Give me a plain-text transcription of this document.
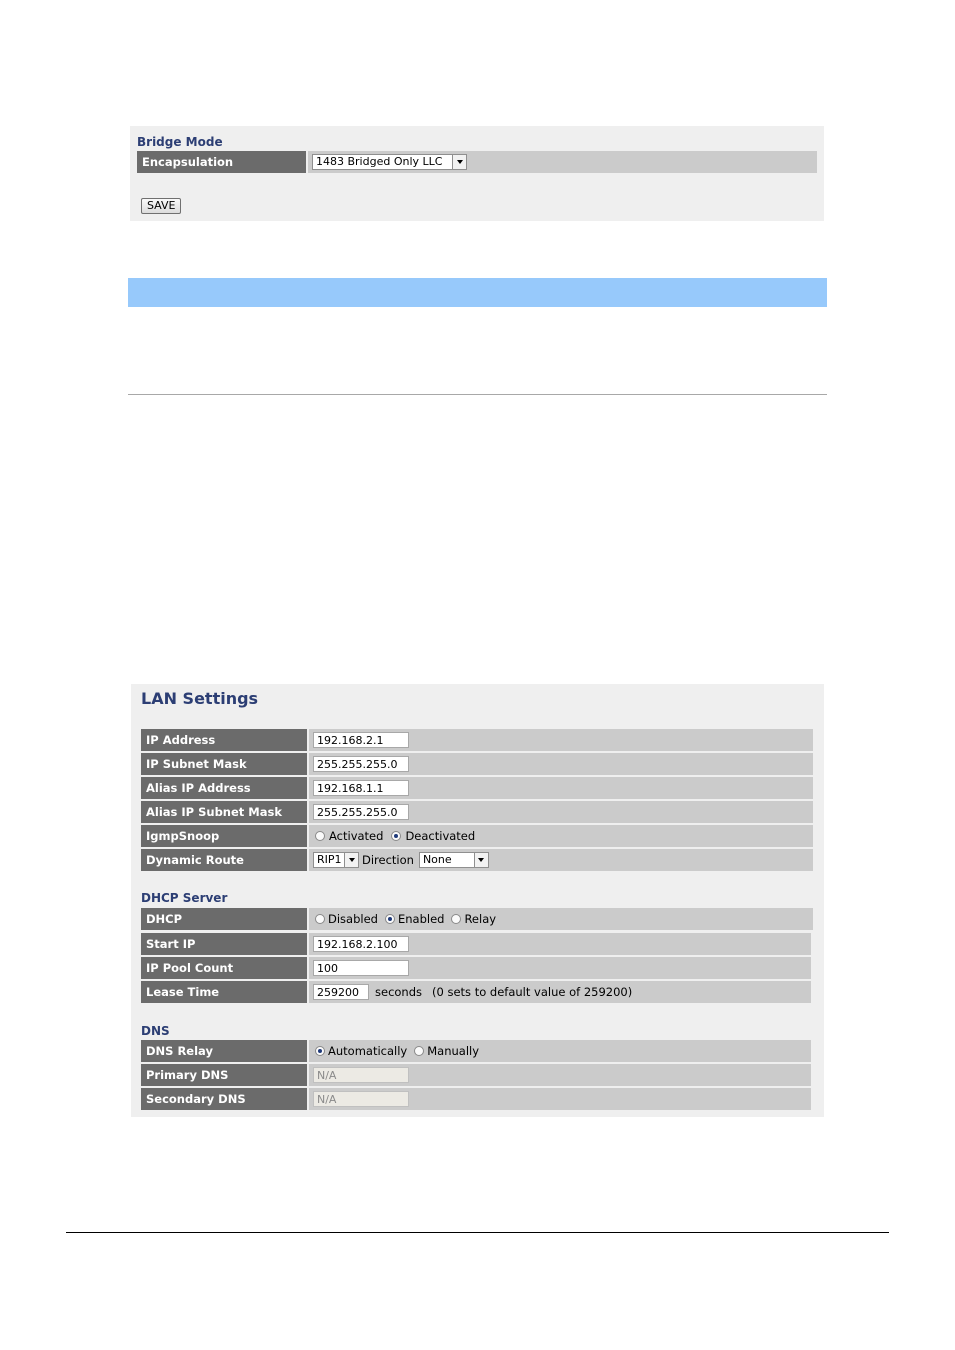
Bridge Mode
Encapsulation	1483 Bridged Only LLC
SAVE
LAN Settings
IP Address	192.168.2.1
IP Subnet Mask	255.255.255.0
Alias IP Address	192.168.1.1
Alias IP Subnet Mask	255.255.255.0
IgmpSnoop	Activated Deactivated
Dynamic Route	RIP1 Direction None
DHCP Server
DHCP	Disabled Enabled Relay
Start IP	192.168.2.100
IP Pool Count	100
Lease Time	259200	seconds (0 sets to default value of 259200)
DNS
DNS Relay	Automatically Manually
Primary DNS	N/A
Secondary DNS	N/A
